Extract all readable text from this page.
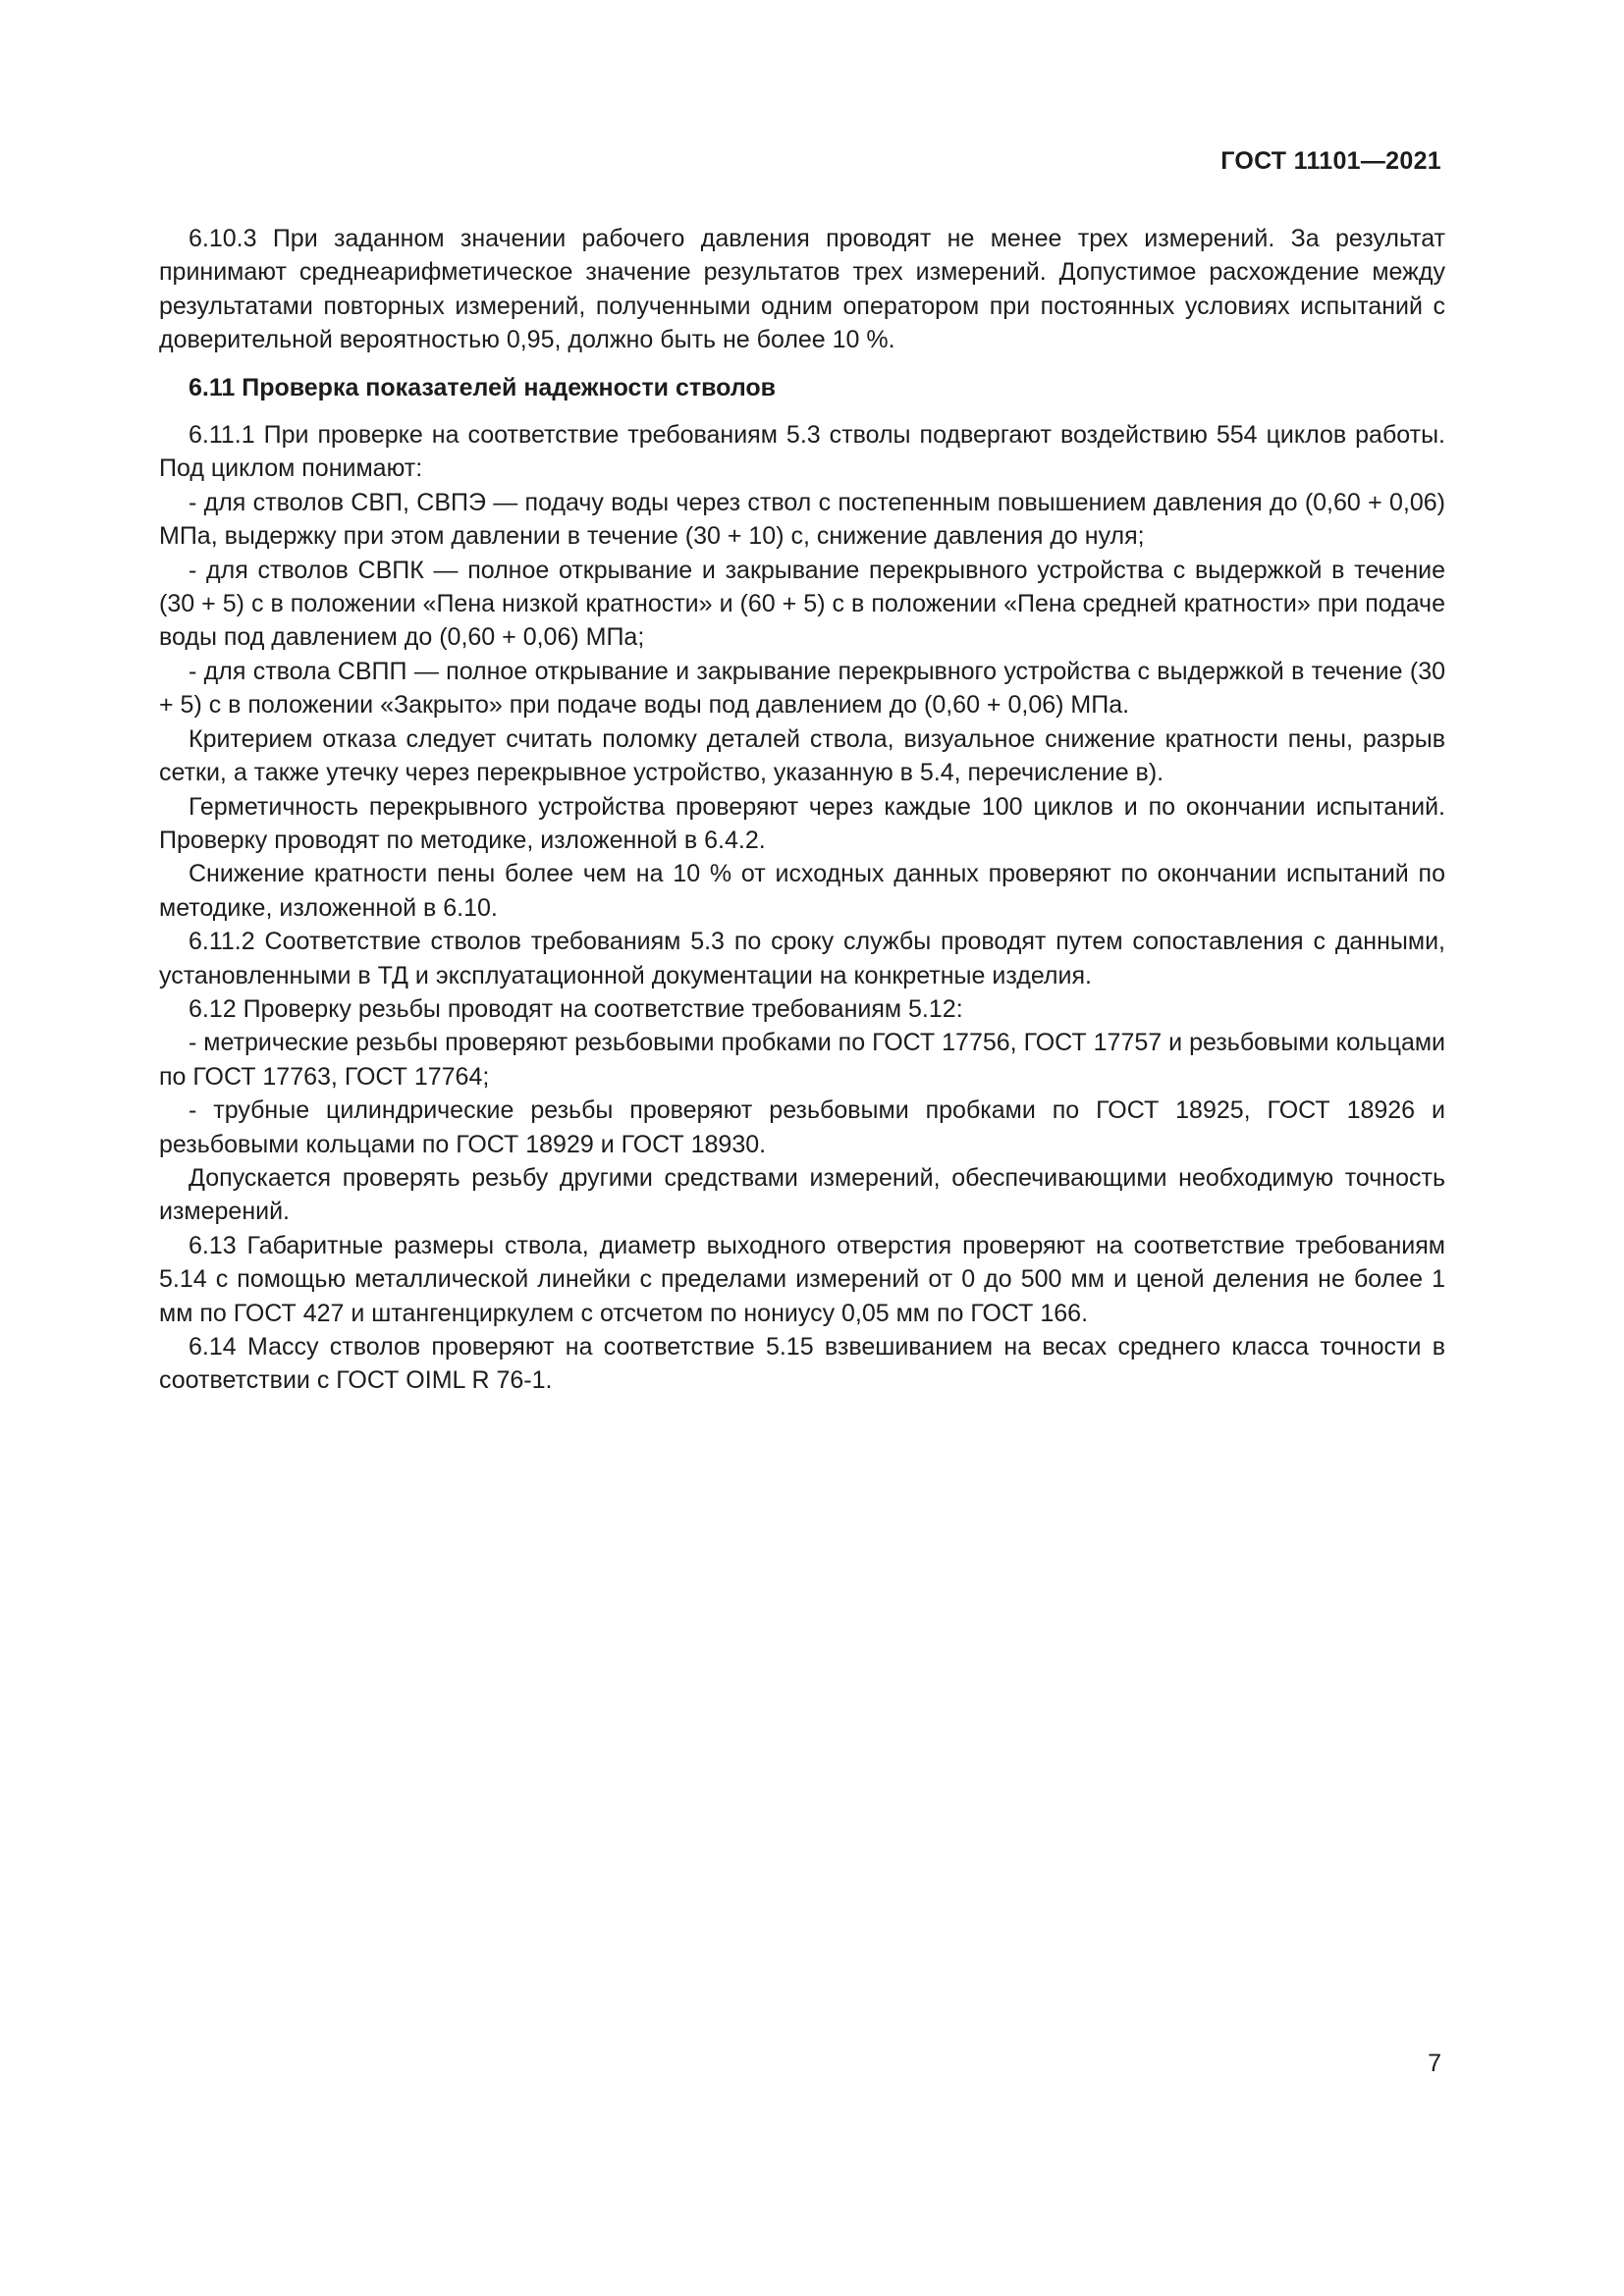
ГОСТ 11101—2021

6.10.3 При заданном значении рабочего давления проводят не менее трех измерений. За результат принимают среднеарифметическое значение результатов трех измерений. Допустимое расхождение между результатами повторных измерений, полученными одним оператором при постоянных условиях испытаний с доверительной вероятностью 0,95, должно быть не более 10 %.

6.11 Проверка показателей надежности стволов

6.11.1 При проверке на соответствие требованиям 5.3 стволы подвергают воздействию 554 циклов работы. Под циклом понимают:

- для стволов СВП, СВПЭ — подачу воды через ствол с постепенным повышением давления до (0,60 + 0,06) МПа, выдержку при этом давлении в течение (30 + 10) с, снижение давления до нуля;

- для стволов СВПК — полное открывание и закрывание перекрывного устройства с выдержкой в течение (30 + 5) с в положении «Пена низкой кратности» и (60 + 5) с в положении «Пена средней кратности» при подаче воды под давлением до (0,60 + 0,06) МПа;

- для ствола СВПП — полное открывание и закрывание перекрывного устройства с выдержкой в течение (30 + 5) с в положении «Закрыто» при подаче воды под давлением до (0,60 + 0,06) МПа.

Критерием отказа следует считать поломку деталей ствола, визуальное снижение кратности пены, разрыв сетки, а также утечку через перекрывное устройство, указанную в 5.4, перечисление в).

Герметичность перекрывного устройства проверяют через каждые 100 циклов и по окончании испытаний. Проверку проводят по методике, изложенной в 6.4.2.

Снижение кратности пены более чем на 10 % от исходных данных проверяют по окончании испытаний по методике, изложенной в 6.10.

6.11.2 Соответствие стволов требованиям 5.3 по сроку службы проводят путем сопоставления с данными, установленными в ТД и эксплуатационной документации на конкретные изделия.

6.12 Проверку резьбы проводят на соответствие требованиям 5.12:

- метрические резьбы проверяют резьбовыми пробками по ГОСТ 17756, ГОСТ 17757 и резьбовыми кольцами по ГОСТ 17763, ГОСТ 17764;

- трубные цилиндрические резьбы проверяют резьбовыми пробками по ГОСТ 18925, ГОСТ 18926 и резьбовыми кольцами по ГОСТ 18929 и ГОСТ 18930.

Допускается проверять резьбу другими средствами измерений, обеспечивающими необходимую точность измерений.

6.13 Габаритные размеры ствола, диаметр выходного отверстия проверяют на соответствие требованиям 5.14 с помощью металлической линейки с пределами измерений от 0 до 500 мм и ценой деления не более 1 мм по ГОСТ 427 и штангенциркулем с отсчетом по нониусу 0,05 мм по ГОСТ 166.

6.14 Массу стволов проверяют на соответствие 5.15 взвешиванием на весах среднего класса точности в соответствии с ГОСТ OIML R 76-1.

7
